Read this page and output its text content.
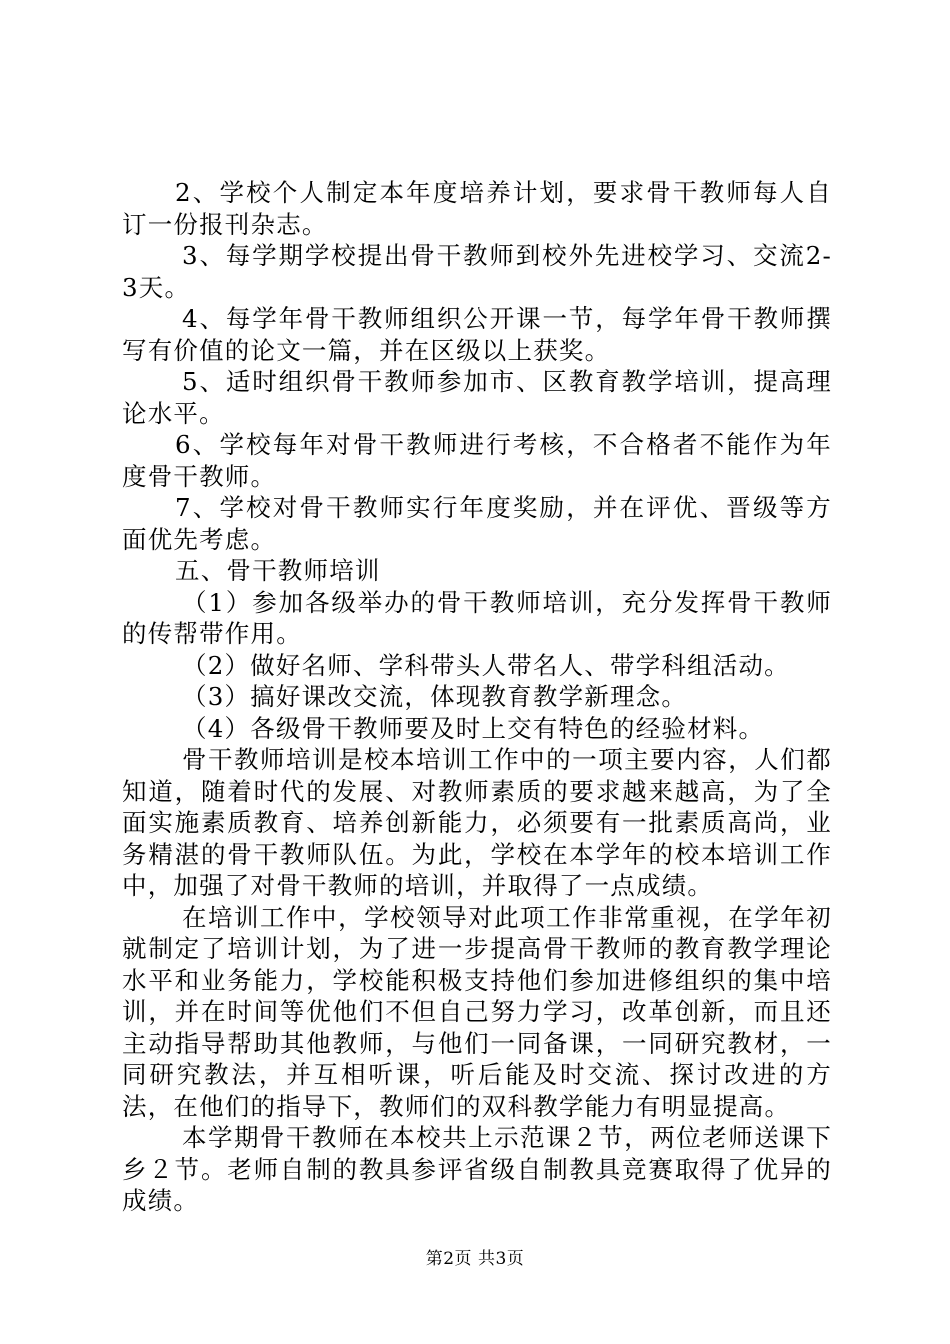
2、学校个人制定本年度培养计划，要求骨干教师每人自订一份报刊杂志。

3、每学期学校提出骨干教师到校外先进校学习、交流2-3天。

4、每学年骨干教师组织公开课一节，每学年骨干教师撰写有价值的论文一篇，并在区级以上获奖。

5、适时组织骨干教师参加市、区教育教学培训，提高理论水平。

6、学校每年对骨干教师进行考核，不合格者不能作为年度骨干教师。

7、学校对骨干教师实行年度奖励，并在评优、晋级等方面优先考虑。

五、骨干教师培训

（1）参加各级举办的骨干教师培训，充分发挥骨干教师的传帮带作用。

（2）做好名师、学科带头人带名人、带学科组活动。

（3）搞好课改交流，体现教育教学新理念。

（4）各级骨干教师要及时上交有特色的经验材料。

骨干教师培训是校本培训工作中的一项主要内容，人们都知道，随着时代的发展、对教师素质的要求越来越高，为了全面实施素质教育、培养创新能力，必须要有一批素质高尚，业务精湛的骨干教师队伍。为此，学校在本学年的校本培训工作中，加强了对骨干教师的培训，并取得了一点成绩。

在培训工作中，学校领导对此项工作非常重视，在学年初就制定了培训计划，为了进一步提高骨干教师的教育教学理论水平和业务能力，学校能积极支持他们参加进修组织的集中培训，并在时间等优他们不但自己努力学习，改革创新，而且还主动指导帮助其他教师，与他们一同备课，一同研究教材，一同研究教法，并互相听课，听后能及时交流、探讨改进的方法，在他们的指导下，教师们的双科教学能力有明显提高。

本学期骨干教师在本校共上示范课２节，两位老师送课下乡２节。老师自制的教具参评省级自制教具竞赛取得了优异的成绩。

第2页 共3页
